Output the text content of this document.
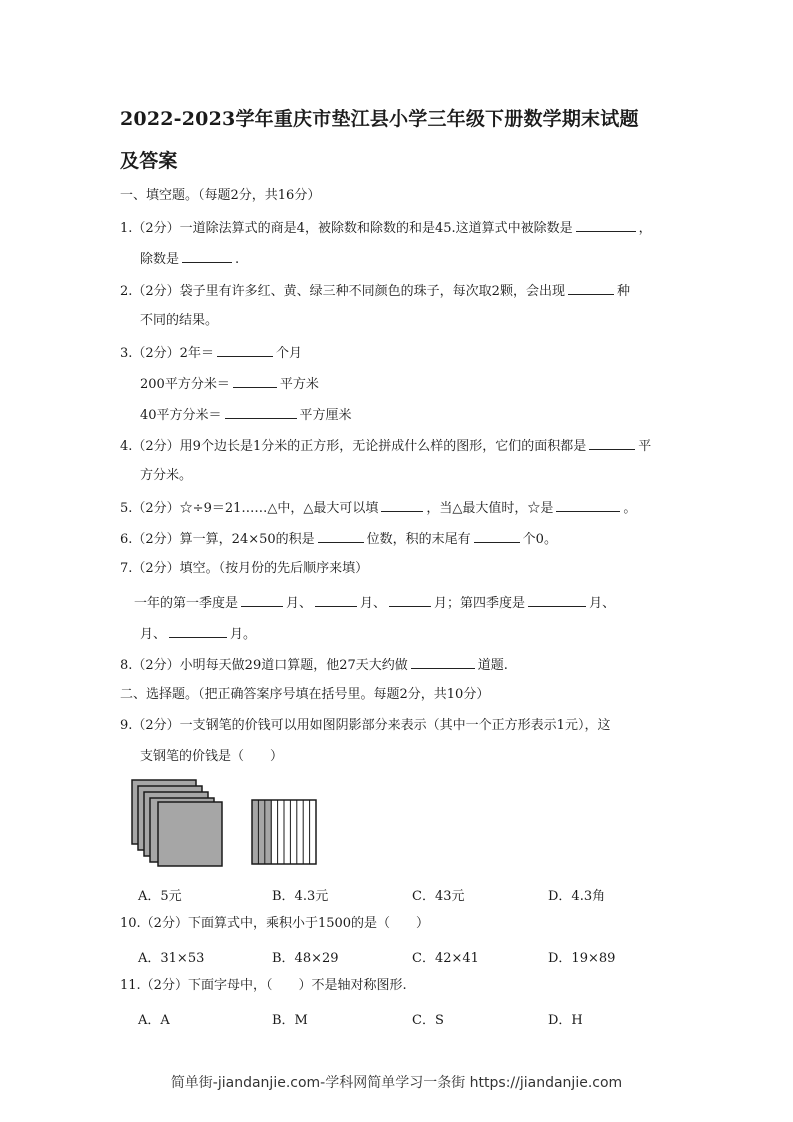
2022-2023学年重庆市垫江县小学三年级下册数学期末试题
及答案
一、填空题。（每题2分，共16分）
1.（2分）一道除法算式的商是4，被除数和除数的和是45.这道算式中被除数是	，
除数是	.
2.（2分）袋子里有许多红、黄、绿三种不同颜色的珠子，每次取2颗，会出现	种
不同的结果。
3.（2分）2年＝	个月
200平方分米＝	平方米
40平方分米＝	平方厘米
4.（2分）用9个边长是1分米的正方形，无论拼成什么样的图形，它们的面积都是	平
方分米。
5.（2分）☆÷9＝21……△中，△最大可以填	，当△最大值时，☆是	。
6.（2分）算一算，24×50的积是	位数，积的末尾有	个0。
7.（2分）填空。（按月份的先后顺序来填）
一年的第一季度是	月、	月、	月；第四季度是	月、
月、	月。
8.（2分）小明每天做29道口算题，他27天大约做	道题.
二、选择题。（把正确答案序号填在括号里。每题2分，共10分）
9.（2分）一支钢笔的价钱可以用如图阴影部分来表示（其中一个正方形表示1元），这
支钢笔的价钱是（　　）
A．5元	B．4.3元	C．43元	D．4.3角
10.（2分）下面算式中，乘积小于1500的是（　　）
A．31×53	B．48×29	C．42×41	D．19×89
11.（2分）下面字母中，（　　）不是轴对称图形.
A．A	B．M	C．S	D．H
简单街-jiandanjie.com-学科网简单学习一条街 https://jiandanjie.com
